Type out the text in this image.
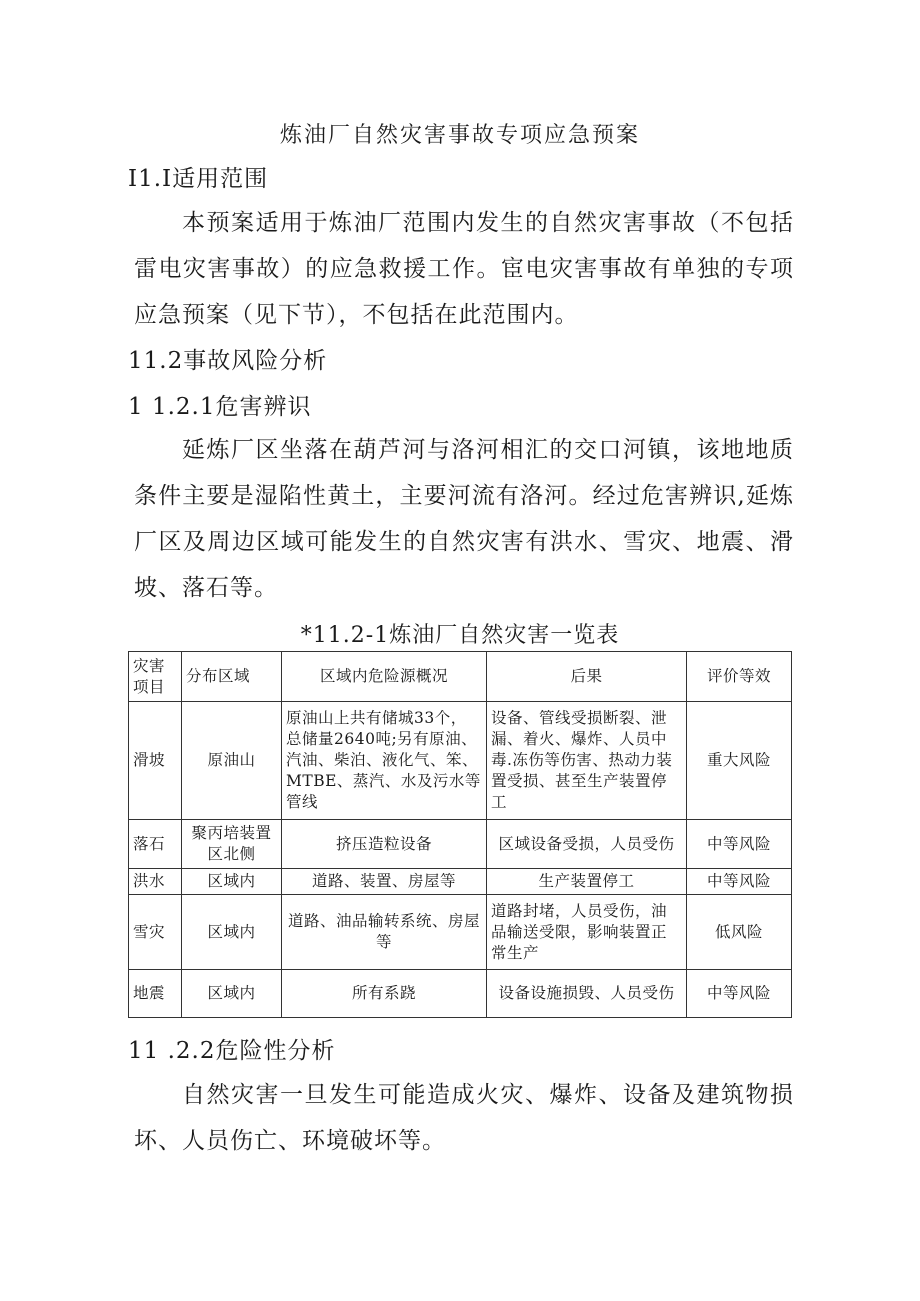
炼油厂自然灾害事故专项应急预案
I1.I适用范围

本预案适用于炼油厂范围内发生的自然灾害事故（不包括雷电灾害事故）的应急救援工作。宦电灾害事故有单独的专项应急预案（见下节），不包括在此范围内。

11.2事故风险分析
1 1.2.1危害辨识

延炼厂区坐落在葫芦河与洛河相汇的交口河镇，该地地质条件主要是湿陷性黄土，主要河流有洛河。经过危害辨识,延炼厂区及周边区域可能发生的自然灾害有洪水、雪灾、地震、滑坡、落石等。

*11.2-1炼油厂自然灾害一览表
灾害项目	分布区域	区域内危险源概况	后果	评价等效
滑坡	原油山	原油山上共有储城33个，总储量2640吨;另有原油、汽油、柴泊、液化气、笨、MTBE、蒸汽、水及污水等管线	设备、管线受损断裂、泄漏、着火、爆炸、人员中毒.冻伤等伤害、热动力装置受损、甚至生产装置停工	重大风险
落石	聚丙培装置区北侧	挤压造粒设备	区域设备受损，人员受伤	中等风险
洪水	区域内	道路、装置、房屋等	生产装置停工	中等风险
雪灾	区域内	道路、油品输转系统、房屋等	道路封堵，人员受伤，油品输送受限，影响装置正常生产	低风险
地震	区域内	所有系跷	设备设施损毁、人员受伤	中等风险
11 .2.2危险性分析

自然灾害一旦发生可能造成火灾、爆炸、设备及建筑物损坏、人员伤亡、环境破坏等。
